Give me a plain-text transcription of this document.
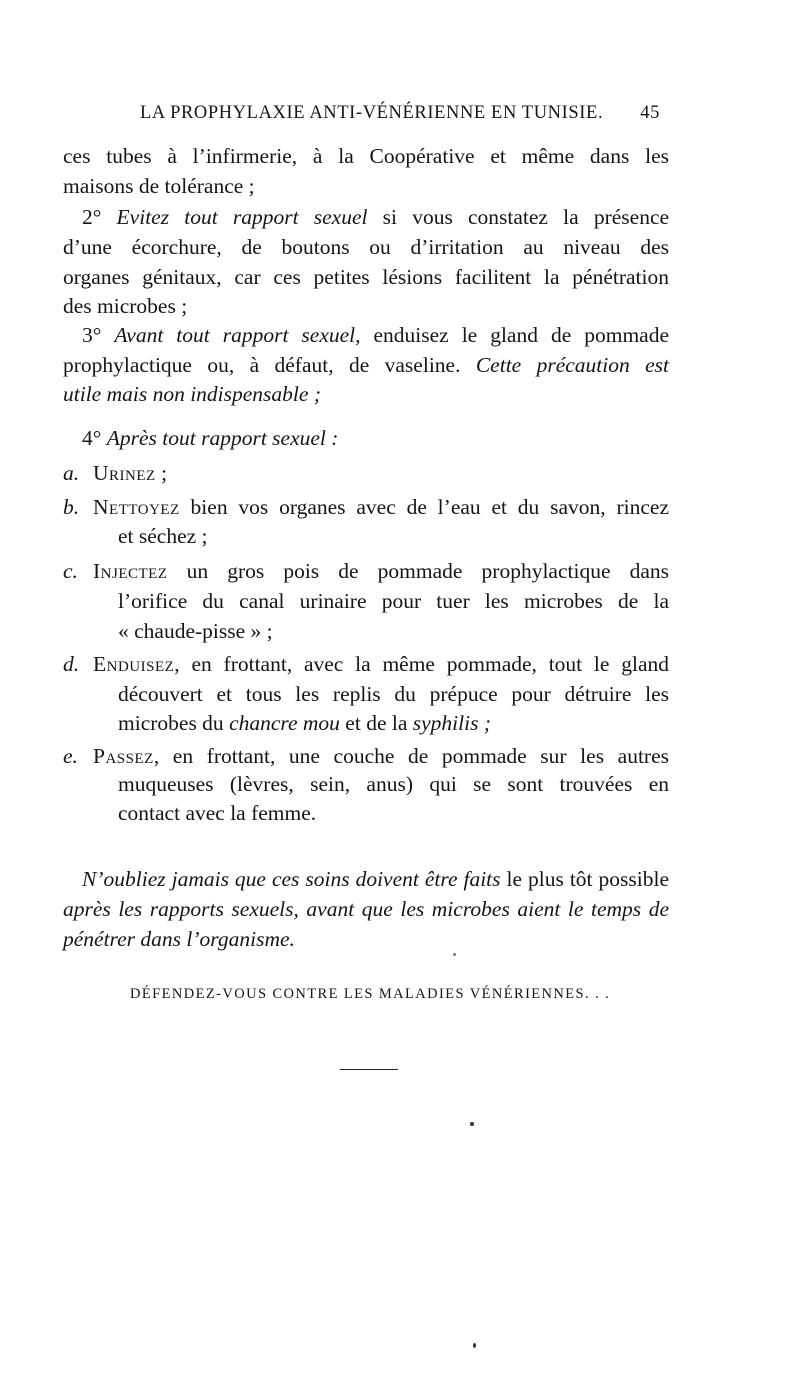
LA PROPHYLAXIE ANTI-VÉNÉRIENNE EN TUNISIE. 45
ces tubes à l’infirmerie, à la Coopérative et même dans les
maisons de tolérance ;
2° Evitez tout rapport sexuel si vous constatez la présence
d’une écorchure, de boutons ou d’irritation au niveau des
organes génitaux, car ces petites lésions facilitent la pénétration
des microbes ;
3° Avant tout rapport sexuel, enduisez le gland de pommade
prophylactique ou, à défaut, de vaseline. Cette précaution est
utile mais non indispensable ;
4° Après tout rapport sexuel :
a. Urinez ;
b. Nettoyez bien vos organes avec de l’eau et du savon, rincez
et séchez ;
c. Injectez un gros pois de pommade prophylactique dans
l’orifice du canal urinaire pour tuer les microbes de la
« chaude-pisse » ;
d. Enduisez, en frottant, avec la même pommade, tout le gland
découvert et tous les replis du prépuce pour détruire les
microbes du chancre mou et de la syphilis ;
e. Passez, en frottant, une couche de pommade sur les autres
muqueuses (lèvres, sein, anus) qui se sont trouvées en
contact avec la femme.
N’oubliez jamais que ces soins doivent être faits le plus tôt possible
après les rapports sexuels, avant que les microbes aient le temps de
pénétrer dans l’organisme.
DÉFENDEZ-VOUS CONTRE LES MALADIES VÉNÉRIENNES. . .
